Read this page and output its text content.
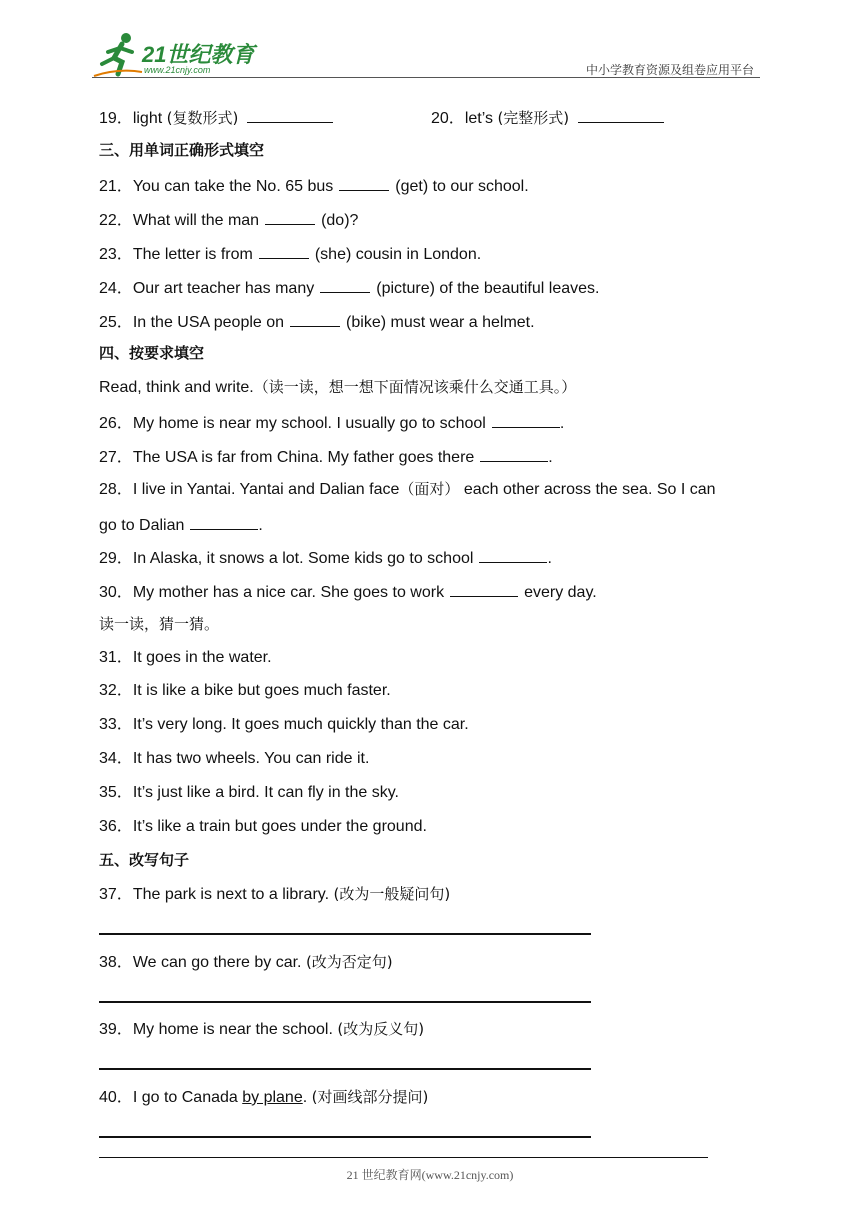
21世纪教育
www.21cnjy.com	中小学教育资源及组卷应用平台
19．light (复数形式)	20．let’s (完整形式)
三、用单词正确形式填空
21．You can take the No. 65 bus	(get) to our school.
22．What will the man	(do)?
23．The letter is from	(she) cousin in London.
24．Our art teacher has many	(picture) of the beautiful leaves.
25．In the USA people on	(bike) must wear a helmet.
四、按要求填空
Read, think and write.（读一读，想一想下面情况该乘什么交通工具。）
26．My home is near my school. I usually go to school	.
27．The USA is far from China. My father goes there	.
28．I live in Yantai. Yantai and Dalian face（面对） each other across the sea. So I can
go to Dalian	.
29．In Alaska, it snows a lot. Some kids go to school	.
30．My mother has a nice car. She goes to work	every day.
读一读，猜一猜。
31．It goes in the water.
32．It is like a bike but goes much faster.
33．It’s very long. It goes much quickly than the car.
34．It has two wheels. You can ride it.
35．It’s just like a bird. It can fly in the sky.
36．It’s like a train but goes under the ground.
五、改写句子
37．The park is next to a library. (改为一般疑问句)
38．We can go there by car. (改为否定句)
39．My home is near the school. (改为反义句)
40．I go to Canada by plane. (对画线部分提问)
21 世纪教育网(www.21cnjy.com)
